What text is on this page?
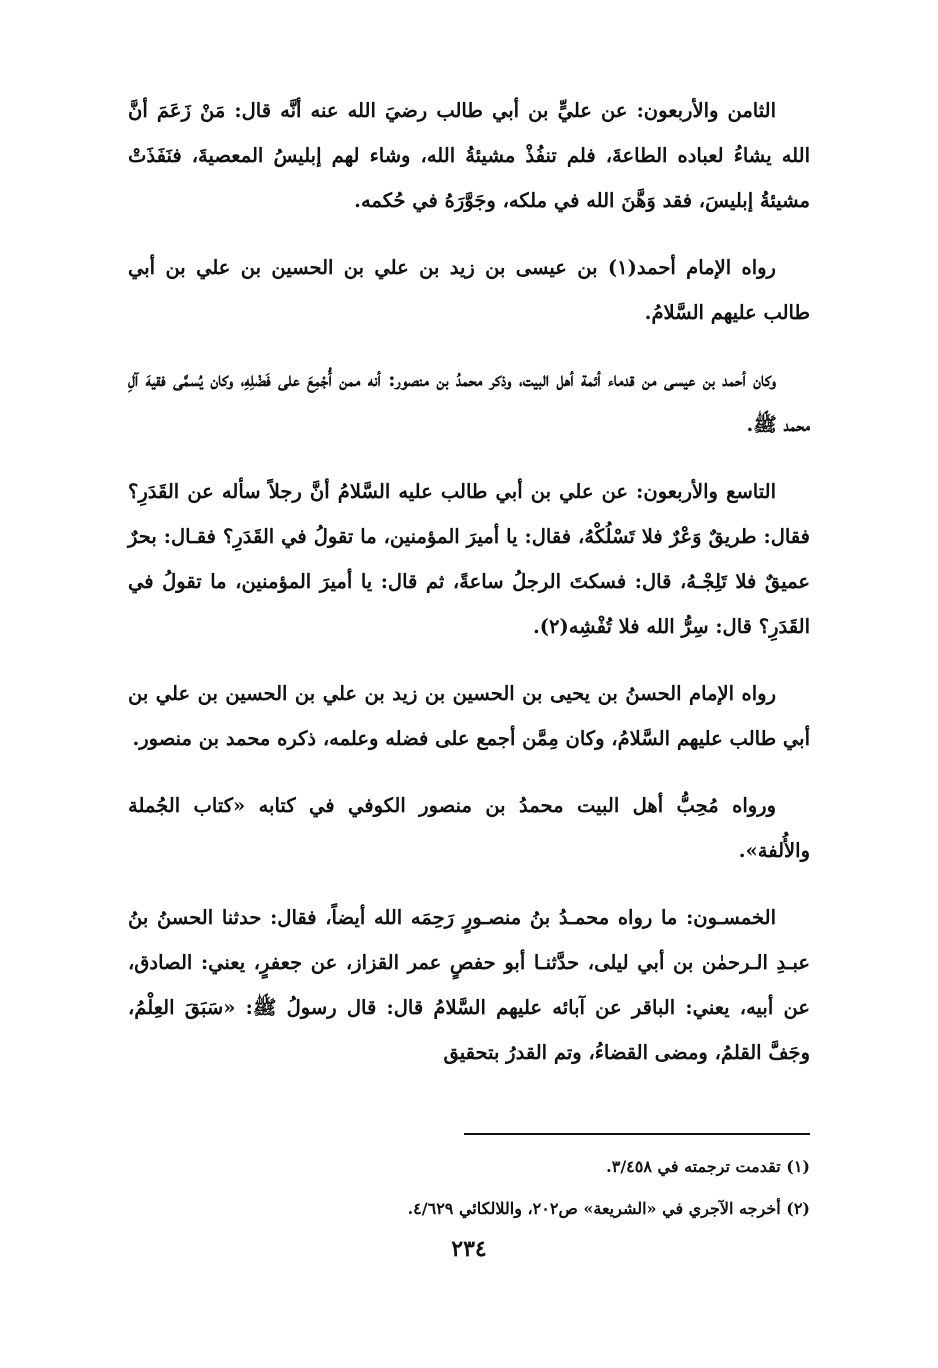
الثامن والأربعون: عن عليٍّ بن أبي طالب رضيَ الله عنه أنَّه قال: مَنْ زَعَمَ أنَّ الله يشاءُ لعباده الطاعةَ، فلم تنفُذْ مشيئةُ الله، وشاء لهم إبليسُ المعصيةَ، فنَفَذَتْ مشيئةُ إبليسَ، فقد وَهَّنَ الله في ملكه، وجَوَّرَهُ في حُكمه.

رواه الإمام أحمد(١) بن عيسى بن زيد بن علي بن الحسين بن علي بن أبي طالب عليهم السَّلامُ.

وكان أحمد بن عيسى من قدماء أئمة أهل البيت، وذكر محمدُ بن منصور: أنه ممن أُجْمِعَ على فَضْلِهِ، وكان يُسمَّى فقيهَ آلِ محمد ﷺ.

التاسع والأربعون: عن علي بن أبي طالب عليه السَّلامُ أنَّ رجلاً سأله عن القَدَرِ؟ فقال: طريقٌ وَعْرٌ فلا تَسْلُكْهُ، فقال: يا أميرَ المؤمنين، ما تقولُ في القَدَرِ؟ فقـال: بحرٌ عميقٌ فلا تَلِجْـهُ، قال: فسكتَ الرجلُ ساعةً، ثم قال: يا أميرَ المؤمنين، ما تقولُ في القَدَرِ؟ قال: سِرُّ الله فلا تُفْشِه(٢).

رواه الإمام الحسنُ بن يحيى بن الحسين بن زيد بن علي بن الحسين بن علي بن أبي طالب عليهم السَّلامُ، وكان مِمَّن أجمع على فضله وعلمه، ذكره محمد بن منصور.

ورواه مُحِبُّ أهل البيت محمدُ بن منصور الكوفي في كتابه «كتاب الجُملة والأُلفة».

الخمسـون: ما رواه محمـدُ بنُ منصـورٍ رَحِمَه الله أيضاً، فقال: حدثنا الحسنُ بنُ عبـدِ الـرحمٰن بن أبي ليلى، حدَّثنـا أبو حفصٍ عمر القزاز، عن جعفرٍ، يعني: الصادق، عن أبيه، يعني: الباقر عن آبائه عليهم السَّلامُ قال: قال رسولُ ﷺ: «سَبَقَ العِلْمُ، وجَفَّ القلمُ، ومضى القضاءُ، وتم القدرُ بتحقيق

(١) تقدمت ترجمته في ٣/٤٥٨.

(٢) أخرجه الآجري في «الشريعة» ص٢٠٢، واللالكائي ٤/٦٢٩.

٢٣٤
